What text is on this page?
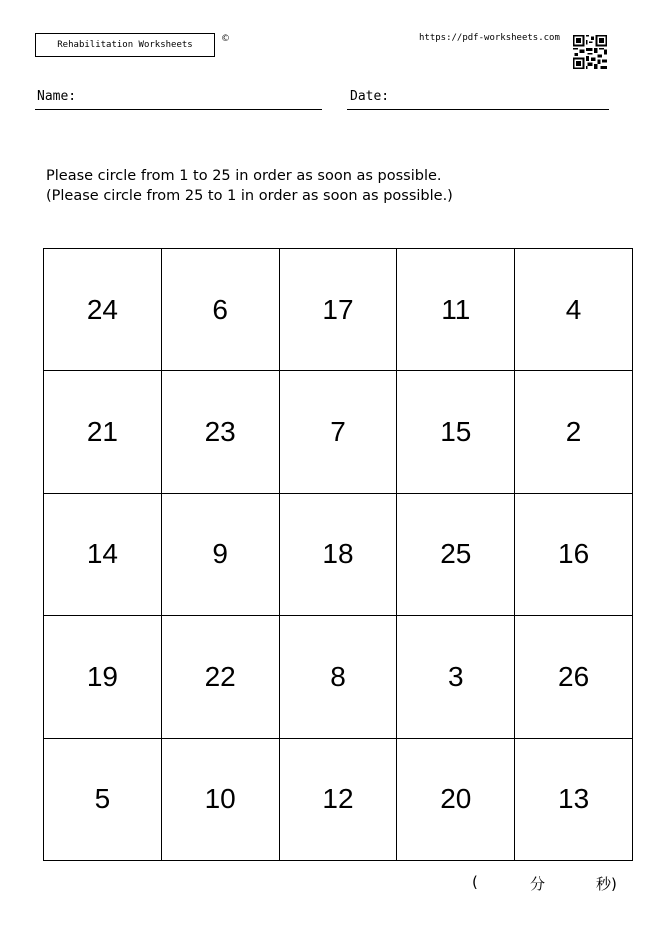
Rehabilitation Worksheets
©	https://pdf-worksheets.com
Name:	Date:
Please circle from 1 to 25 in order as soon as possible.
(Please circle from 25 to 1 in order as soon as possible.)
24	6	17	11	4
21	23	7	15	2
14	9	18	25	16
19	22	8	3	26
5	10	12	20	13
(	分	秒)
